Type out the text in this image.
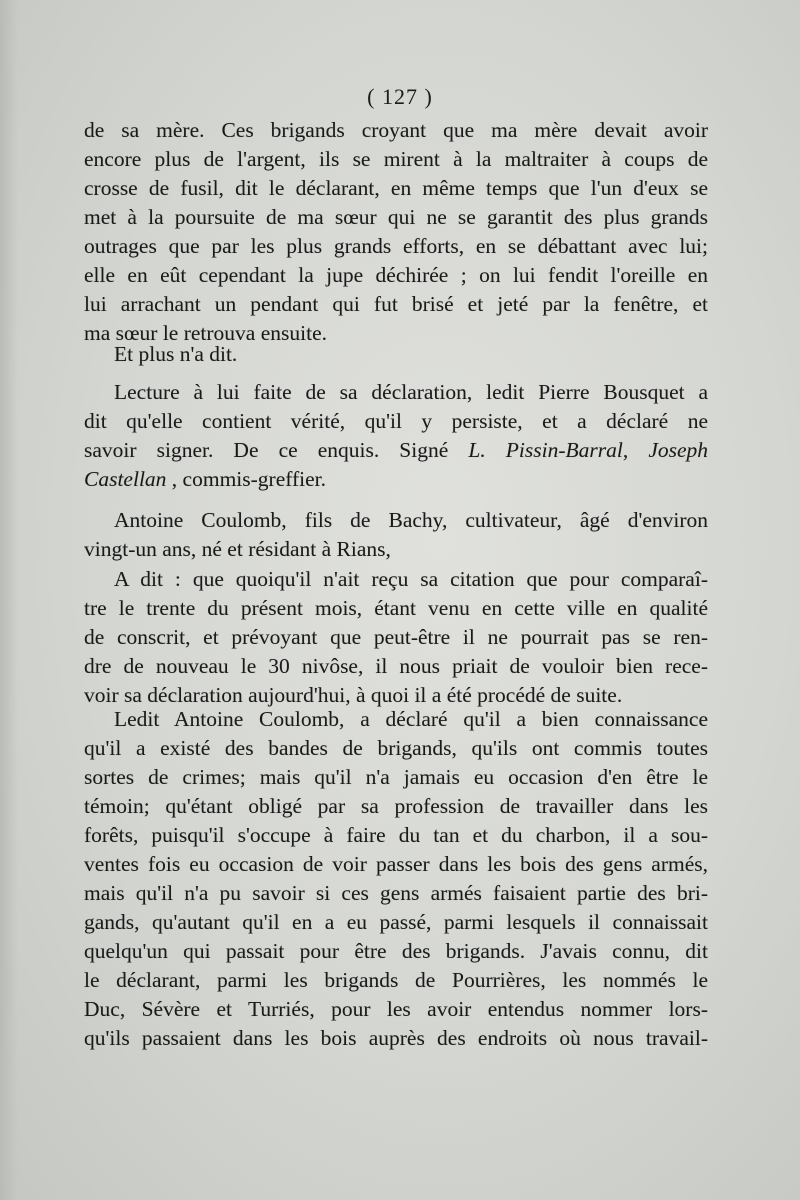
( 127 )
de sa mère. Ces brigands croyant que ma mère devait avoir
encore plus de l'argent, ils se mirent à la maltraiter à coups de
crosse de fusil, dit le déclarant, en même temps que l'un d'eux se
met à la poursuite de ma sœur qui ne se garantit des plus grands
outrages que par les plus grands efforts, en se débattant avec lui;
elle en eût cependant la jupe déchirée ; on lui fendit l'oreille en
lui arrachant un pendant qui fut brisé et jeté par la fenêtre, et
ma sœur le retrouva ensuite.
Et plus n'a dit.
Lecture à lui faite de sa déclaration, ledit Pierre Bousquet a
dit qu'elle contient vérité, qu'il y persiste, et a déclaré ne
savoir signer. De ce enquis. Signé L. Pissin-Barral, Joseph
Castellan , commis-greffier.
Antoine Coulomb, fils de Bachy, cultivateur, âgé d'environ
vingt-un ans, né et résidant à Rians,
A dit : que quoiqu'il n'ait reçu sa citation que pour comparaî-
tre le trente du présent mois, étant venu en cette ville en qualité
de conscrit, et prévoyant que peut-être il ne pourrait pas se ren-
dre de nouveau le 30 nivôse, il nous priait de vouloir bien rece-
voir sa déclaration aujourd'hui, à quoi il a été procédé de suite.
Ledit Antoine Coulomb, a déclaré qu'il a bien connaissance
qu'il a existé des bandes de brigands, qu'ils ont commis toutes
sortes de crimes; mais qu'il n'a jamais eu occasion d'en être le
témoin; qu'étant obligé par sa profession de travailler dans les
forêts, puisqu'il s'occupe à faire du tan et du charbon, il a sou-
ventes fois eu occasion de voir passer dans les bois des gens armés,
mais qu'il n'a pu savoir si ces gens armés faisaient partie des bri-
gands, qu'autant qu'il en a eu passé, parmi lesquels il connaissait
quelqu'un qui passait pour être des brigands. J'avais connu, dit
le déclarant, parmi les brigands de Pourrières, les nommés le
Duc, Sévère et Turriés, pour les avoir entendus nommer lors-
qu'ils passaient dans les bois auprès des endroits où nous travail-
